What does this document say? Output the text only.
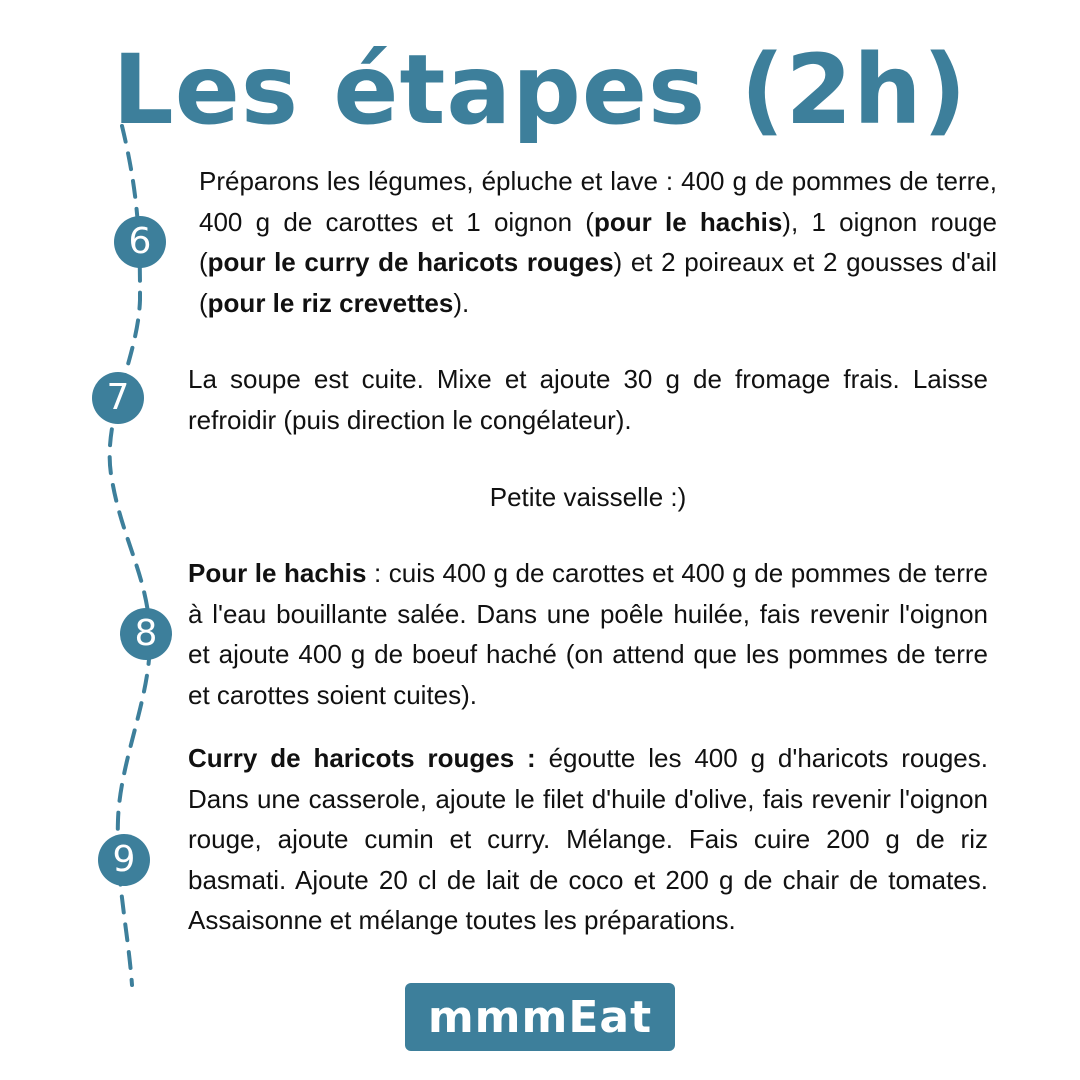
Les étapes (2h)
6
7
8
9

Préparons les légumes, épluche et lave : 400 g de pommes de terre, 400 g de carottes et 1 oignon (pour le hachis), 1 oignon rouge (pour le curry de haricots rouges) et 2 poireaux et 2 gousses d'ail (pour le riz crevettes).

La soupe est cuite. Mixe et ajoute 30 g de fromage frais. Laisse refroidir (puis direction le congélateur).

Petite vaisselle :)

Pour le hachis : cuis 400 g de carottes et 400 g de pommes de terre à l'eau bouillante salée. Dans une poêle huilée, fais revenir l'oignon et ajoute 400 g de boeuf haché (on attend que les pommes de terre et carottes soient cuites).

Curry de haricots rouges : égoutte les 400 g d'haricots rouges. Dans une casserole, ajoute le filet d'huile d'olive, fais revenir l'oignon rouge, ajoute cumin et curry. Mélange. Fais cuire 200 g de riz basmati. Ajoute 20 cl de lait de coco et 200 g de chair de tomates. Assaisonne et mélange toutes les préparations.

mmmEat
